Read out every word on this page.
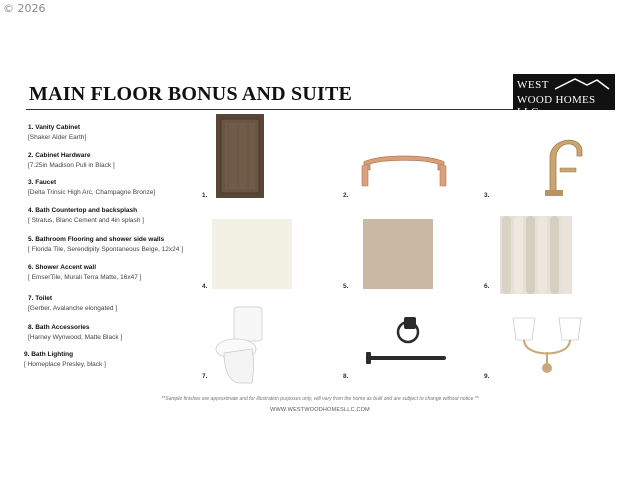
© 2026
MAIN FLOOR BONUS AND SUITE	WEST
WOOD HOMES LLC
1. Vanity Cabinet
[Shaker Alder Earth]
2. Cabinet Hardware
[7.25in Madison Pull in Black ]
3. Faucet
[Delta Trinsic High Arc, Champagne Bronze]
4. Bath Countertop and backsplash
[ Stratus, Blanc Cement and 4in splash ]
5. Bathroom Flooring and shower side walls
[ Florida Tile, Serendipity Spontaneous Beige, 12x24 ]
6. Shower Accent wall
[ EmserTile, Murali Terra Matte, 16x47 ]
7. Toilet
[Gerber, Avalanche elongated ]
8. Bath Accessories
[Harney Wynwood, Matte Black ]
9. Bath Lighting
[ Homeplace Presley, black ]
1.	2.	3.
4.	5.	6.
7.	8.	9.
**Sample finishes are approximate and for illustration purposes only, will vary from the home as built and are subject to change without notice **
WWW.WESTWOODHOMESLLC.COM
